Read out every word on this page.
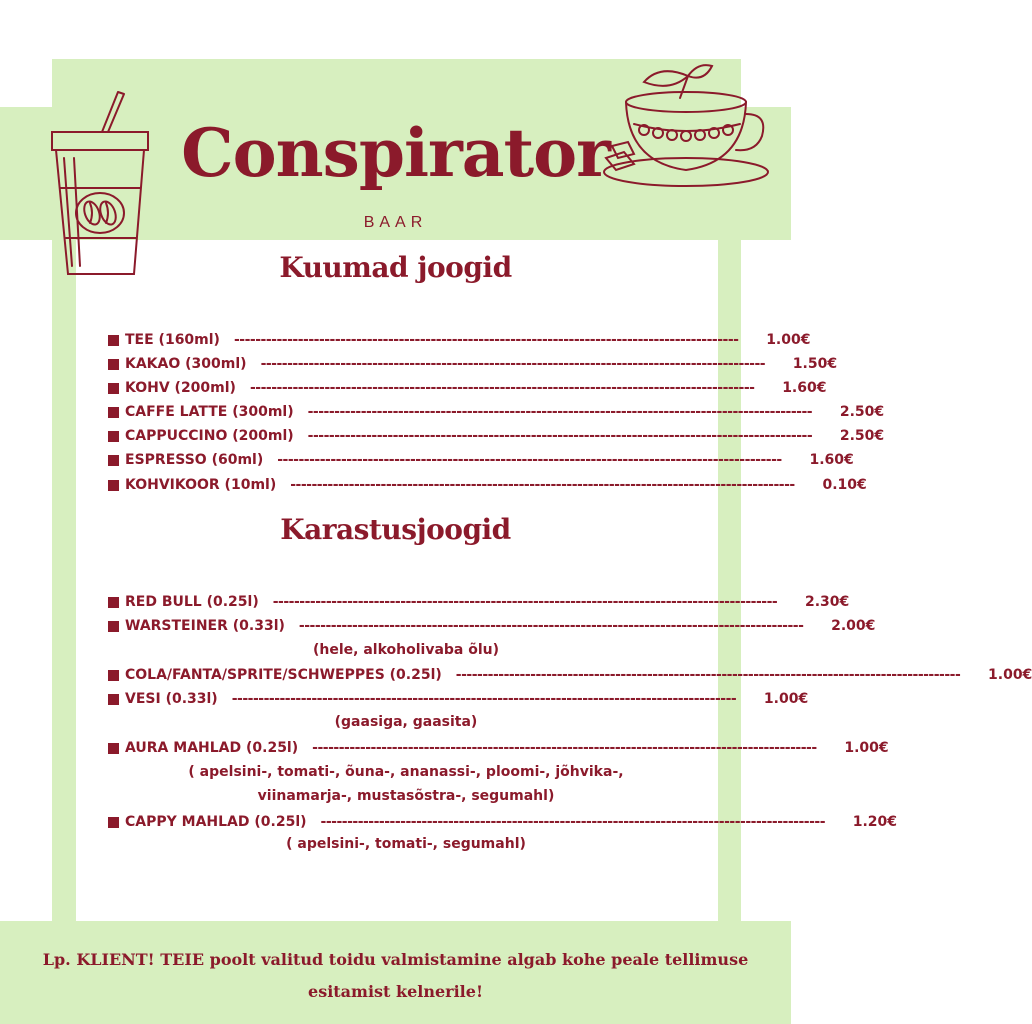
Conspirator
BAAR
Kuumad joogid
TEE (160ml)	-----------------------------------------------------------------------------------------------	1.00€
KAKAO (300ml)	-----------------------------------------------------------------------------------------------	1.50€
KOHV (200ml)	-----------------------------------------------------------------------------------------------	1.60€
CAFFE LATTE (300ml)	-----------------------------------------------------------------------------------------------	2.50€
CAPPUCCINO (200ml)	-----------------------------------------------------------------------------------------------	2.50€
ESPRESSO (60ml)	-----------------------------------------------------------------------------------------------	1.60€
KOHVIKOOR (10ml)	-----------------------------------------------------------------------------------------------	0.10€
Karastusjoogid
RED BULL (0.25l)	-----------------------------------------------------------------------------------------------	2.30€
WARSTEINER (0.33l)	-----------------------------------------------------------------------------------------------	2.00€
(hele, alkoholivaba õlu)
COLA/FANTA/SPRITE/SCHWEPPES (0.25l)	-----------------------------------------------------------------------------------------------	1.00€
VESI (0.33l)	-----------------------------------------------------------------------------------------------	1.00€
(gaasiga, gaasita)
AURA MAHLAD (0.25l)	-----------------------------------------------------------------------------------------------	1.00€
( apelsini-, tomati-, õuna-, ananassi-, ploomi-, jõhvika-,
viinamarja-, mustasõstra-, segumahl)
CAPPY MAHLAD (0.25l)	-----------------------------------------------------------------------------------------------	1.20€
( apelsini-, tomati-, segumahl)
Lp. KLIENT! TEIE poolt valitud toidu valmistamine algab kohe peale tellimuse
esitamist kelnerile!
